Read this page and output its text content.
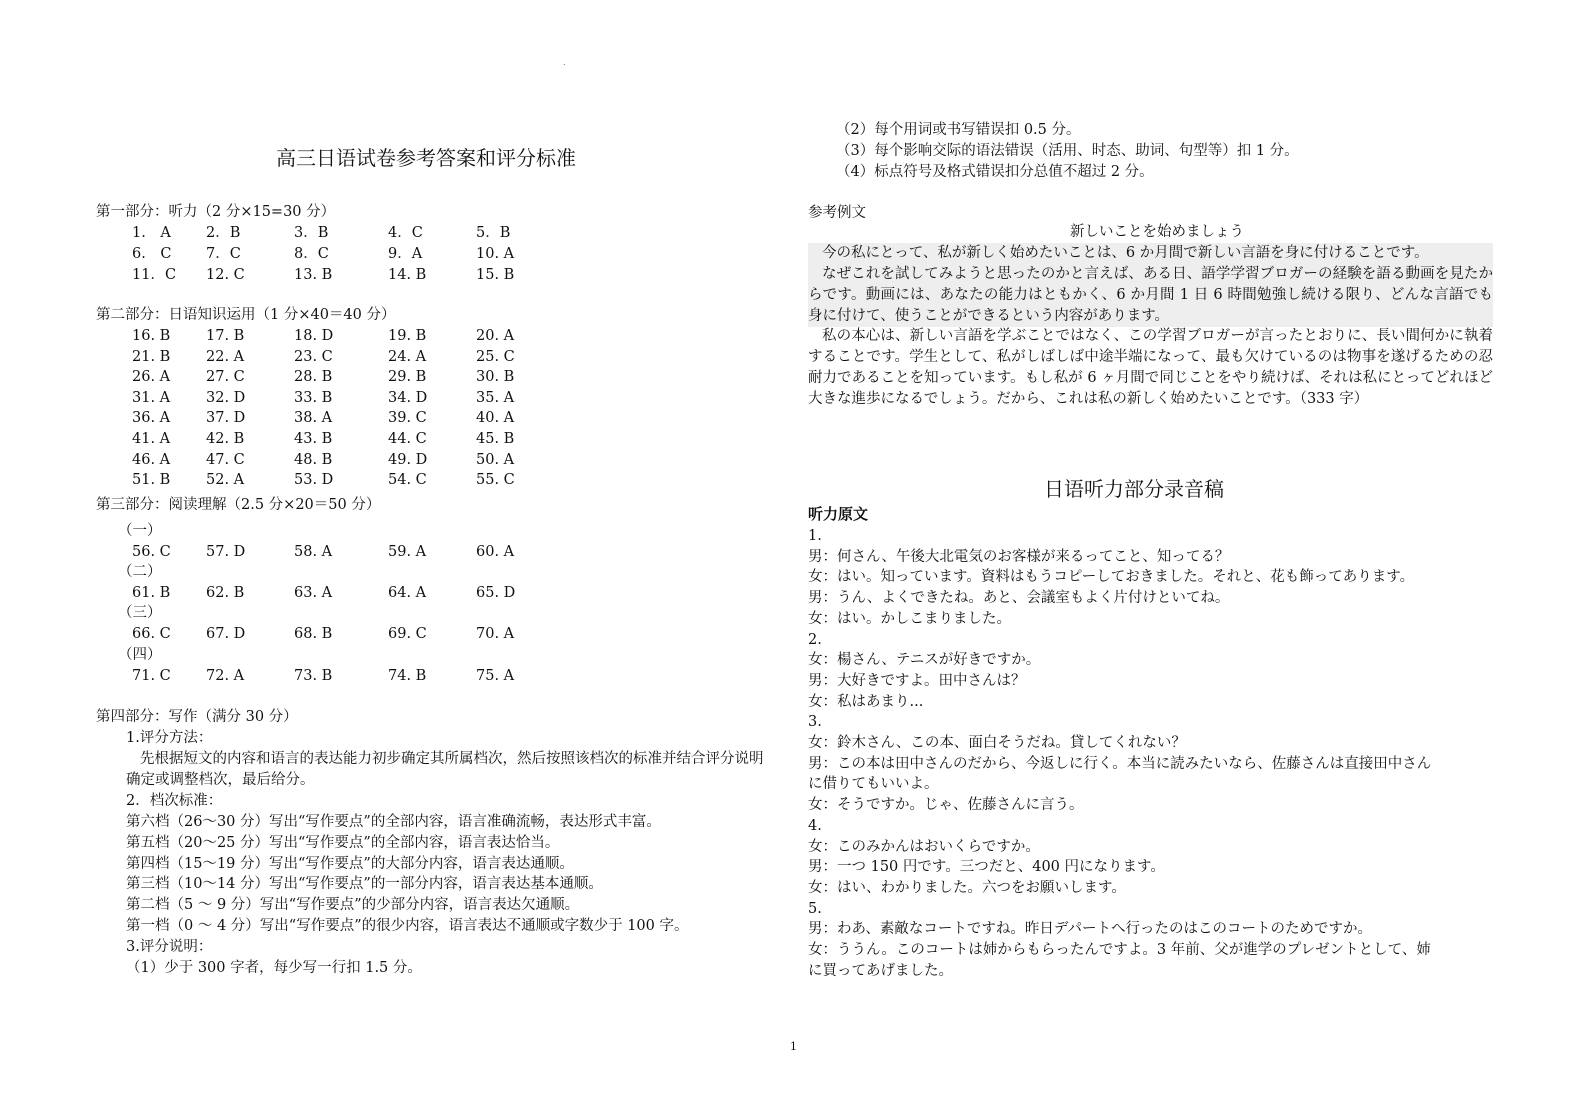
.
高三日语试卷参考答案和评分标准
第一部分：听力（2 分×15=30 分）
1.　A 2．B	3．B	4．C	5．B
6.　C 7．C	8．C	9．A	10. A
11．C 12. C	13. B	14. B	15. B
第二部分：日语知识运用（1 分×40＝40 分）
16. B 17. B	18. D	19. B	20. A
21. B 22. A	23. C	24. A	25. C
26. A 27. C	28. B	29. B	30. B
31. A 32. D	33. B	34. D	35. A
36. A 37. D	38. A	39. C	40. A
41. A 42. B	43. B	44. C	45. B
46. A 47. C	48. B	49. D	50. A
51. B 52. A	53. D	54. C	55. C
第三部分：阅读理解（2.5 分×20＝50 分）
（一）
56. C 57. D	58. A	59. A	60. A
（二）
61. B 62. B	63. A	64. A	65. D
（三）
66. C 67. D	68. B	69. C	70. A
（四）
71. C 72. A	73. B	74. B	75. A
第四部分：写作（满分 30 分）
1.评分方法：
先根据短文的内容和语言的表达能力初步确定其所属档次，然后按照该档次的标准并结合评分说明确定或调整档次，最后给分。
2．档次标准：
第六档（26～30 分）写出“写作要点”的全部内容，语言准确流畅，表达形式丰富。
第五档（20～25 分）写出“写作要点”的全部内容，语言表达恰当。
第四档（15～19 分）写出“写作要点”的大部分内容，语言表达通顺。
第三档（10～14 分）写出“写作要点”的一部分内容，语言表达基本通顺。
第二档（5 ～ 9 分）写出“写作要点”的少部分内容，语言表达欠通顺。
第一档（0 ～ 4 分）写出“写作要点”的很少内容，语言表达不通顺或字数少于 100 字。
3.评分说明：
（1）少于 300 字者，每少写一行扣 1.5 分。
（2）每个用词或书写错误扣 0.5 分。
（3）每个影响交际的语法错误（活用、时态、助词、句型等）扣 1 分。
（4）标点符号及格式错误扣分总值不超过 2 分。
参考例文
新しいことを始めましょう
今の私にとって、私が新しく始めたいことは、6 か月間で新しい言語を身に付けることです。
なぜこれを試してみようと思ったのかと言えば、ある日、語学学習ブロガーの経験を語る動画を見たからです。動画には、あなたの能力はともかく、6 か月間 1 日 6 時間勉強し続ける限り、どんな言語でも身に付けて、使うことができるという内容があります。
私の本心は、新しい言語を学ぶことではなく、この学習ブロガーが言ったとおりに、長い間何かに執着することです。学生として、私がしばしば中途半端になって、最も欠けているのは物事を遂げるための忍耐力であることを知っています。もし私が 6 ヶ月間で同じことをやり続けば、それは私にとってどれほど大きな進歩になるでしょう。だから、これは私の新しく始めたいことです。（333 字）
日语听力部分录音稿
听力原文
1.
男：何さん、午後大北電気のお客様が来るってこと、知ってる？
女：はい。知っています。資料はもうコピーしておきました。それと、花も飾ってあります。
男：うん、よくできたね。あと、会議室もよく片付けといてね。
女：はい。かしこまりました。
2.
女：楊さん、テニスが好きですか。
男：大好きですよ。田中さんは？
女：私はあまり...
3.
女：鈴木さん、この本、面白そうだね。貸してくれない？
男：この本は田中さんのだから、今返しに行く。本当に読みたいなら、佐藤さんは直接田中さん
に借りてもいいよ。
女：そうですか。じゃ、佐藤さんに言う。
4.
女：このみかんはおいくらですか。
男：一つ 150 円です。三つだと、400 円になります。
女：はい、わかりました。六つをお願いします。
5.
男：わあ、素敵なコートですね。昨日デパートへ行ったのはこのコートのためですか。
女：ううん。このコートは姉からもらったんですよ。3 年前、父が進学のプレゼントとして、姉
に買ってあげました。
1
